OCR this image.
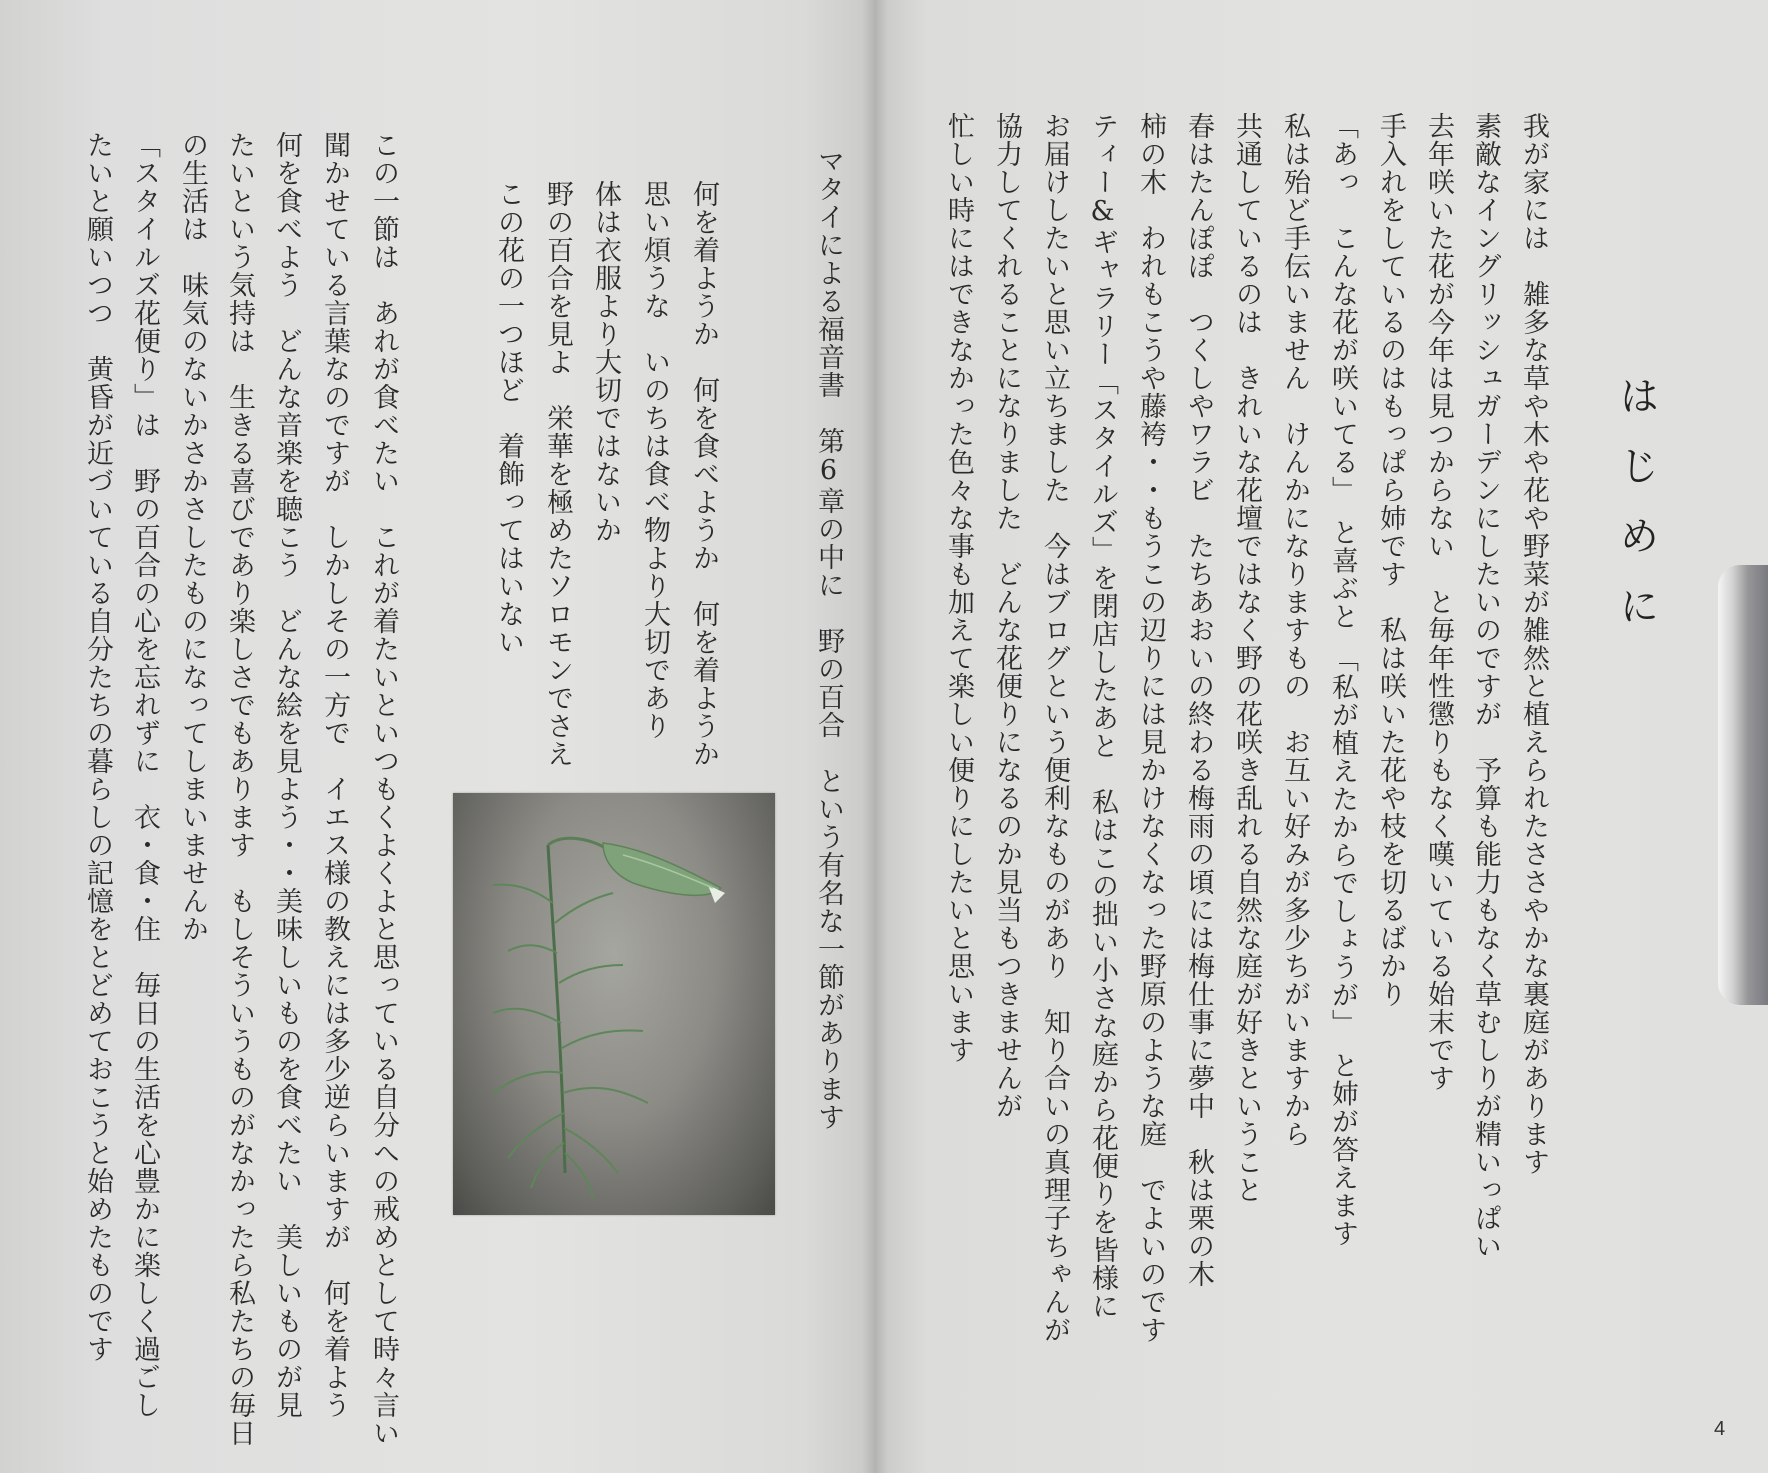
マタイによる福音書　第6章の中に　野の百合　という有名な一節があります

何を着ようか　何を食べようか　何を着ようか

思い煩うな　いのちは食べ物より大切であり

体は衣服より大切ではないか

野の百合を見よ　栄華を極めたソロモンでさえ

この花の一つほど　着飾ってはいない

この一節は　あれが食べたい　これが着たいといつもくよくよと思っている自分への戒めとして時々言い

聞かせている言葉なのですが　しかしその一方で　イエス様の教えには多少逆らいますが　何を着よう

何を食べよう　どんな音楽を聴こう　どんな絵を見よう・・美味しいものを食べたい　美しいものが見

たいという気持は　生きる喜びであり楽しさでもあります　もしそういうものがなかったら私たちの毎日

の生活は　味気のないかさかさしたものになってしまいませんか

「スタイルズ花便り」は　野の百合の心を忘れずに　衣・食・住　毎日の生活を心豊かに楽しく過ごし

たいと願いつつ　黄昏が近づいている自分たちの暮らしの記憶をとどめておこうと始めたものです	はじめに

我が家には　雑多な草や木や花や野菜が雑然と植えられたささやかな裏庭があります

素敵なイングリッシュガーデンにしたいのですが　予算も能力もなく草むしりが精いっぱい

去年咲いた花が今年は見つからない　と毎年性懲りもなく嘆いている始末です

手入れをしているのはもっぱら姉です　私は咲いた花や枝を切るばかり

「あっ　こんな花が咲いてる」　と喜ぶと　「私が植えたからでしょうが」　と姉が答えます

私は殆ど手伝いません　けんかになりますもの　お互い好みが多少ちがいますから

共通しているのは　きれいな花壇ではなく野の花咲き乱れる自然な庭が好きということ

春はたんぽぽ　つくしやワラビ　たちあおいの終わる梅雨の頃には梅仕事に夢中　秋は栗の木

柿の木　われもこうや藤袴・・もうこの辺りには見かけなくなった野原のような庭　でよいのです

ティー&ギャラリー「スタイルズ」を閉店したあと　私はこの拙い小さな庭から花便りを皆様に

お届けしたいと思い立ちました　今はブログという便利なものがあり　知り合いの真理子ちゃんが

協力してくれることになりました　どんな花便りになるのか見当もつきませんが

忙しい時にはできなかった色々な事も加えて楽しい便りにしたいと思います

4
